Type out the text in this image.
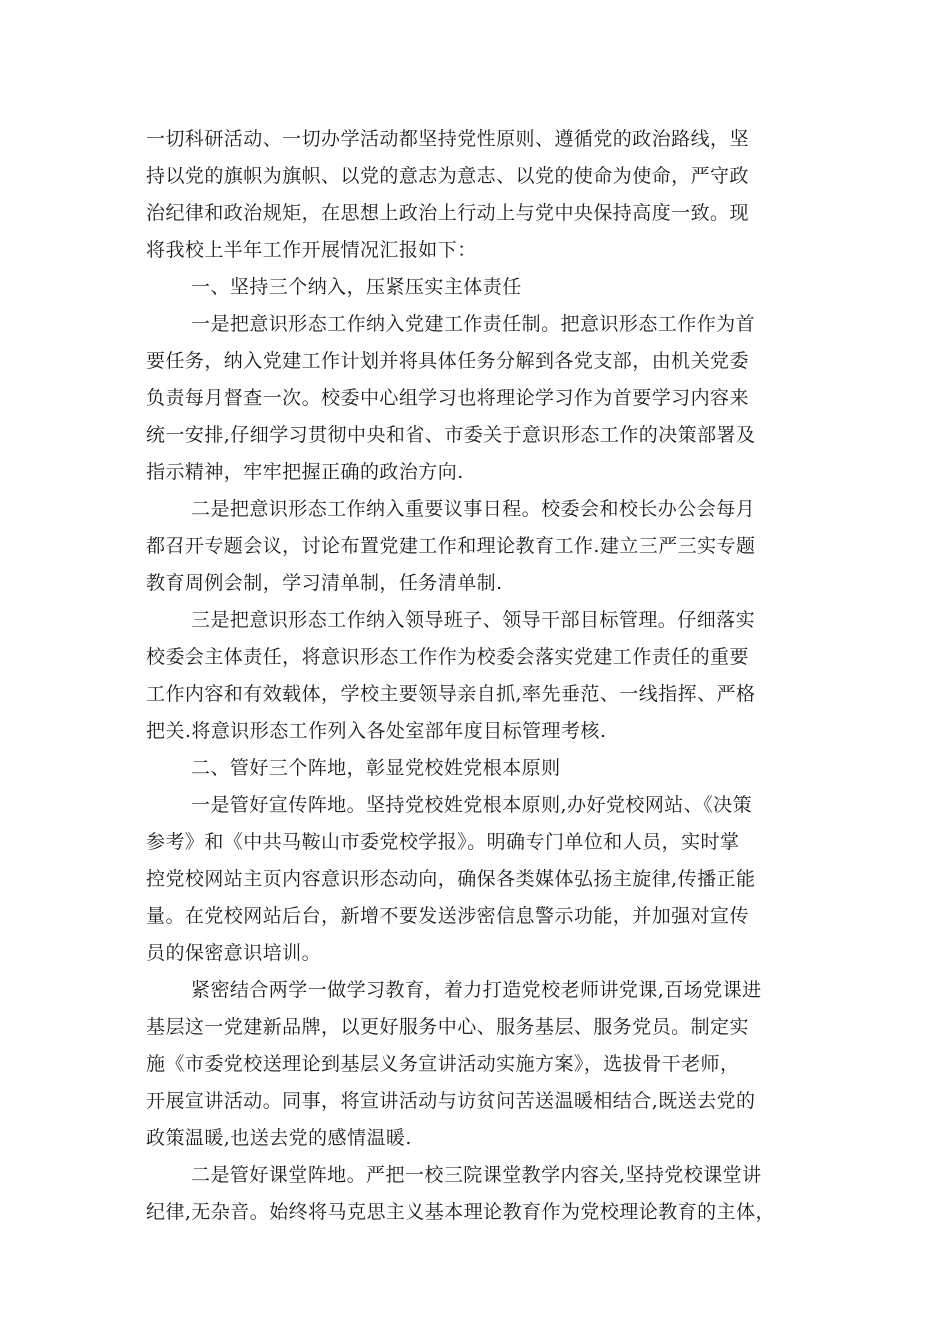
一切科研活动、一切办学活动都坚持党性原则、遵循党的政治路线，坚
持以党的旗帜为旗帜、以党的意志为意志、以党的使命为使命，严守政
治纪律和政治规矩，在思想上政治上行动上与党中央保持高度一致。现
将我校上半年工作开展情况汇报如下：
一、坚持三个纳入，压紧压实主体责任
一是把意识形态工作纳入党建工作责任制。把意识形态工作作为首
要任务，纳入党建工作计划并将具体任务分解到各党支部，由机关党委
负责每月督查一次。校委中心组学习也将理论学习作为首要学习内容来
统一安排,仔细学习贯彻中央和省、市委关于意识形态工作的决策部署及
指示精神，牢牢把握正确的政治方向.
二是把意识形态工作纳入重要议事日程。校委会和校长办公会每月
都召开专题会议，讨论布置党建工作和理论教育工作.建立三严三实专题
教育周例会制，学习清单制，任务清单制.
三是把意识形态工作纳入领导班子、领导干部目标管理。仔细落实
校委会主体责任，将意识形态工作作为校委会落实党建工作责任的重要
工作内容和有效载体，学校主要领导亲自抓,率先垂范、一线指挥、严格
把关.将意识形态工作列入各处室部年度目标管理考核.
二、管好三个阵地，彰显党校姓党根本原则
一是管好宣传阵地。坚持党校姓党根本原则,办好党校网站、《决策
参考》和《中共马鞍山市委党校学报》。明确专门单位和人员，实时掌
控党校网站主页内容意识形态动向，确保各类媒体弘扬主旋律,传播正能
量。在党校网站后台，新增不要发送涉密信息警示功能，并加强对宣传
员的保密意识培训。
紧密结合两学一做学习教育，着力打造党校老师讲党课,百场党课进
基层这一党建新品牌，以更好服务中心、服务基层、服务党员。制定实
施《市委党校送理论到基层义务宣讲活动实施方案》，选拔骨干老师，
开展宣讲活动。同事，将宣讲活动与访贫问苦送温暖相结合,既送去党的
政策温暖,也送去党的感情温暖.
二是管好课堂阵地。严把一校三院课堂教学内容关,坚持党校课堂讲
纪律,无杂音。始终将马克思主义基本理论教育作为党校理论教育的主体，
